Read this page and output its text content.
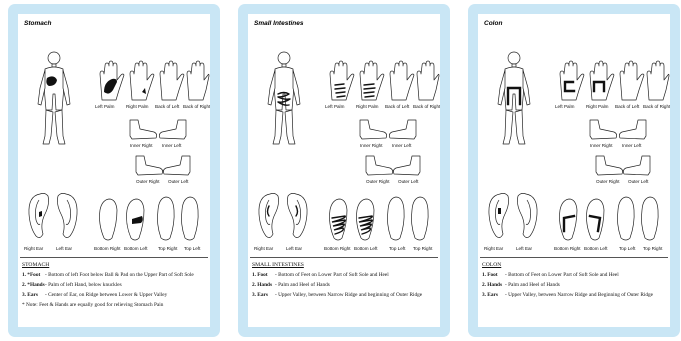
Stomach
Left Palm	Right Palm Back of Left Back of Right
Inner Right Inner Left
Outer Right Outer Left
Right Ear	Left Ear	Bottom Right Bottom Left Top Right Top Left
STOMACH
1. *Foot - Bottom of left Foot below Ball & Pad on the Upper Part of Soft Sole
2. *Hands - Palm of left Hand, below knuckles
3. Ears	- Center of Ear, on Ridge between Lower & Upper Valley
* Note: Feet & Hands are equally good for relieving Stomach Pain
Small Intestines
Left Palm	Right Palm Back of Left Back of Right
Inner Right Inner Left
Outer Right Outer Left
Right Ear	Left Ear	Bottom Right Bottom Left	Top Left Top Right
SMALL INTESTINES
1. Foot	- Bottom of Feet on Lower Part of Soft Sole and Heel
2. Hands - Palm and Heel of Hands
3. Ears	- Upper Valley, between Narrow Ridge and beginning of Outer Ridge
Colon
Left Palm	Right Palm Back of Left Back of Right
Inner Right Inner Left
Outer Right Outer Left
Right Ear	Left Ear	Bottom Right Bottom Left	Top Left Top Right
COLON
1. Foot	- Bottom of Feet on Lower Part of Soft Sole and Heel
2. Hands - Palm and Heel of Hands
3. Ears	- Upper Valley, between Narrow Ridge and Beginning of Outer Ridge
